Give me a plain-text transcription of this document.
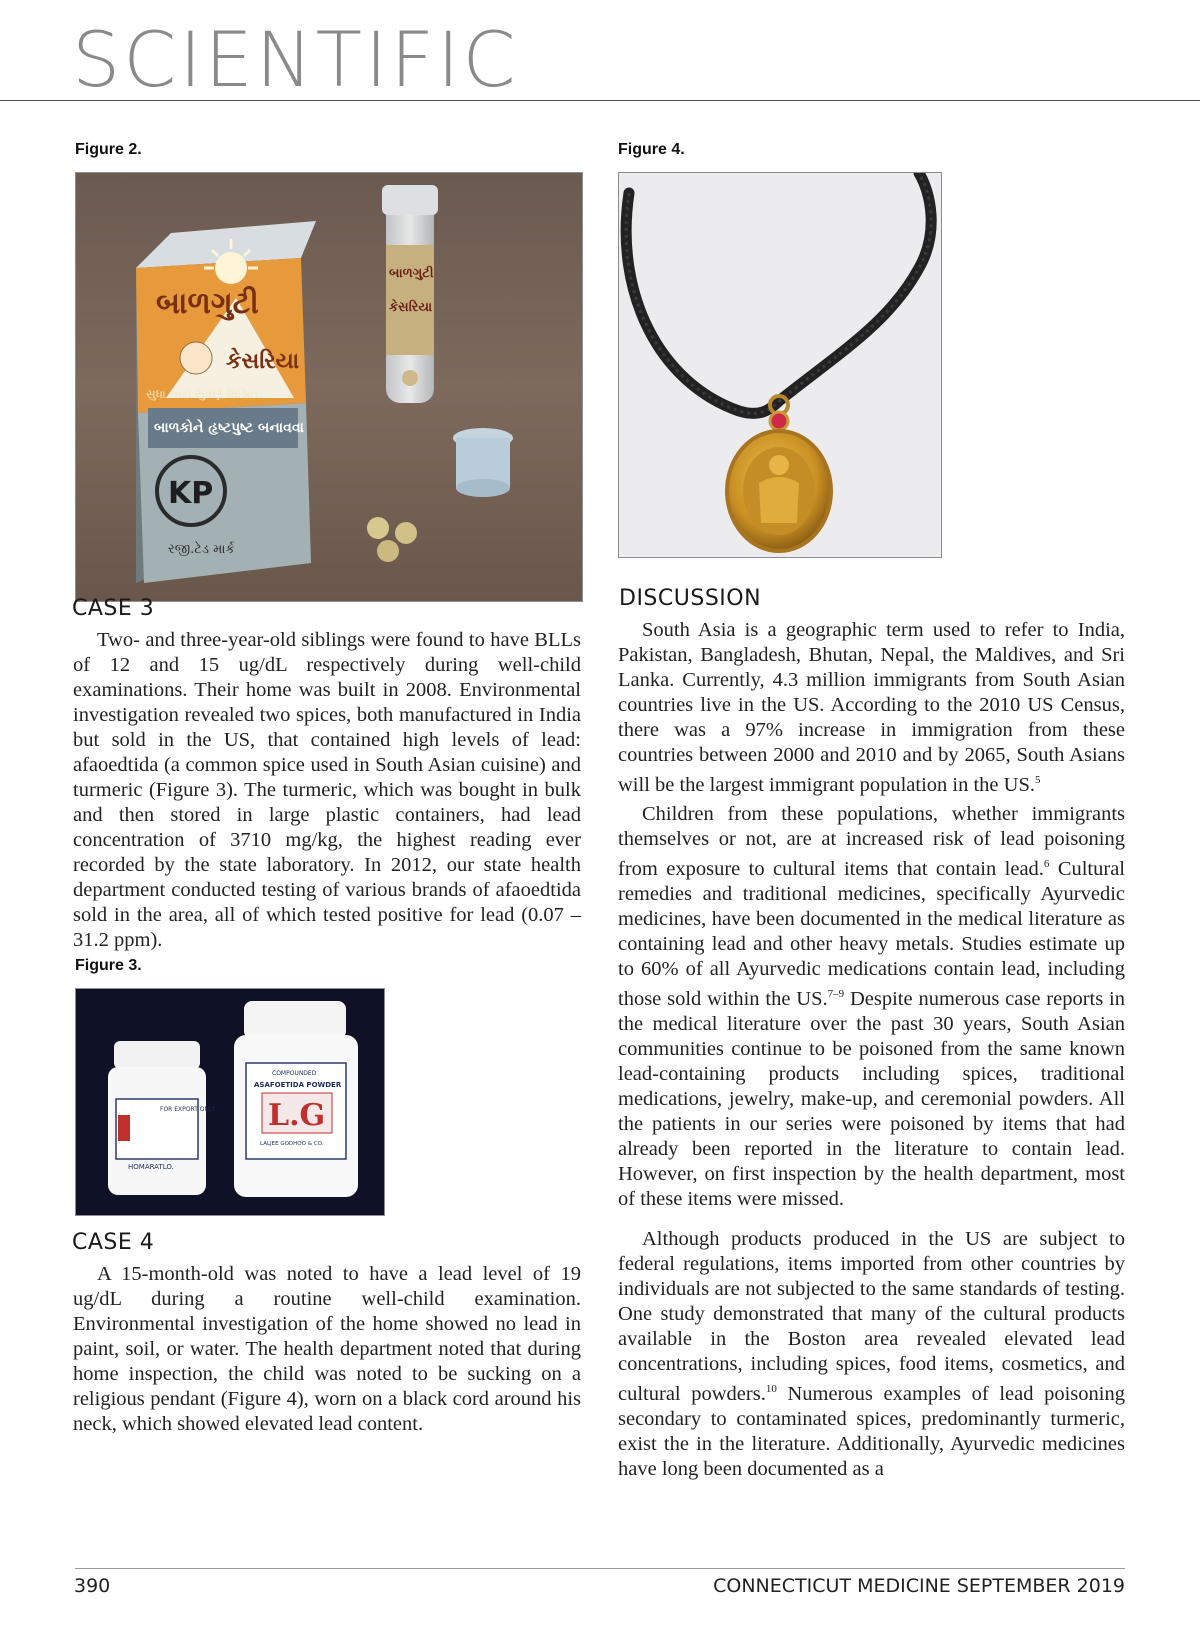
SCIENTIFIC
Figure 2.
બાળગુટી
કેસરિયા
સુધા અને સુવર્ણ મિશ્રિત
બાળકોને હૃષ્ટપુષ્ટ બનાવવા
KP
રજી.ટેડ માર્ક
બાળગુટી
કેસરિયા
CASE 3

Two- and three-year-old siblings were found to have BLLs of 12 and 15 ug/dL respectively during well-child examinations. Their home was built in 2008. Environmental investigation revealed two spices, both manufactured in India but sold in the US, that contained high levels of lead: afaoedtida (a common spice used in South Asian cuisine) and turmeric (Figure 3). The turmeric, which was bought in bulk and then stored in large plastic containers, had lead concentration of 3710 mg/kg, the highest reading ever recorded by the state laboratory. In 2012, our state health department conducted testing of various brands of afaoedtida sold in the area, all of which tested positive for lead (0.07 – 31.2 ppm).

Figure 3.
FOR EXPORT ONLY
HOMARATLO.
COMPOUNDED
ASAFOETIDA POWDER
L.G
LALJEE GODHOO & CO.
CASE 4

A 15-month-old was noted to have a lead level of 19 ug/dL during a routine well-child examination. Environmental investigation of the home showed no lead in paint, soil, or water. The health department noted that during home inspection, the child was noted to be sucking on a religious pendant (Figure 4), worn on a black cord around his neck, which showed elevated lead content.

Figure 4.
DISCUSSION

South Asia is a geographic term used to refer to India, Pakistan, Bangladesh, Bhutan, Nepal, the Maldives, and Sri Lanka. Currently, 4.3 million immigrants from South Asian countries live in the US. According to the 2010 US Census, there was a 97% increase in immigration from these countries between 2000 and 2010 and by 2065, South Asians will be the largest immigrant population in the US.$^5$

Children from these populations, whether immigrants themselves or not, are at increased risk of lead poisoning from exposure to cultural items that contain lead.$^6$ Cultural remedies and traditional medicines, specifically Ayurvedic medicines, have been documented in the medical literature as containing lead and other heavy metals. Studies estimate up to 60% of all Ayurvedic medications contain lead, including those sold within the US.$^{7-9}$ Despite numerous case reports in the medical literature over the past 30 years, South Asian communities continue to be poisoned from the same known lead-containing products including spices, traditional medications, jewelry, make-up, and ceremonial powders. All the patients in our series were poisoned by items that had already been reported in the literature to contain lead. However, on first inspection by the health department, most of these items were missed.

Although products produced in the US are subject to federal regulations, items imported from other countries by individuals are not subjected to the same standards of testing. One study demonstrated that many of the cultural products available in the Boston area revealed elevated lead concentrations, including spices, food items, cosmetics, and cultural powders.$^{10}$ Numerous examples of lead poisoning secondary to contaminated spices, predominantly turmeric, exist the in the literature. Additionally, Ayurvedic medicines have long been documented as a

390	CONNECTICUT MEDICINE SEPTEMBER 2019
